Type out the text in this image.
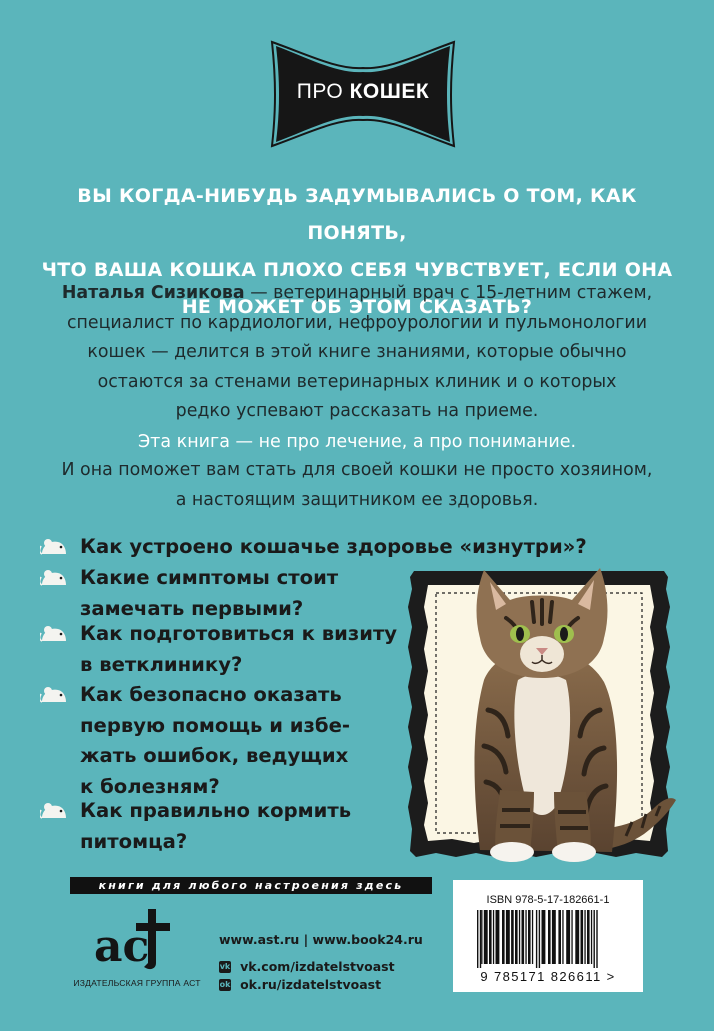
ПРО КОШЕК
ВЫ КОГДА-НИБУДЬ ЗАДУМЫВАЛИСЬ О ТОМ, КАК ПОНЯТЬ,
ЧТО ВАША КОШКА ПЛОХО СЕБЯ ЧУВСТВУЕТ, ЕСЛИ ОНА
НЕ МОЖЕТ ОБ ЭТОМ СКАЗАТЬ?
Наталья Сизикова — ветеринарный врач с 15-летним стажем,
специалист по кардиологии, нефроурологии и пульмонологии
кошек — делится в этой книге знаниями, которые обычно
остаются за стенами ветеринарных клиник и о которых
редко успевают рассказать на приеме.
Эта книга — не про лечение, а про понимание.
И она поможет вам стать для своей кошки не просто хозяином,
а настоящим защитником ее здоровья.
Как устроено кошачье здоровье «изнутри»?
Какие симптомы стоит
замечать первыми?
Как подготовиться к визиту
в ветклинику?
Как безопасно оказать
первую помощь и избе-
жать ошибок, ведущих
к болезням?
Как правильно кормить
питомца?
книги для любого настроения здесь
ac
ИЗДАТЕЛЬСКАЯ ГРУППА АСТ
www.ast.ru | www.book24.ru
vk vk.com/izdatelstvoast
ok ok.ru/izdatelstvoast
ISBN 978-5-17-182661-1
9 785171 826611 >
